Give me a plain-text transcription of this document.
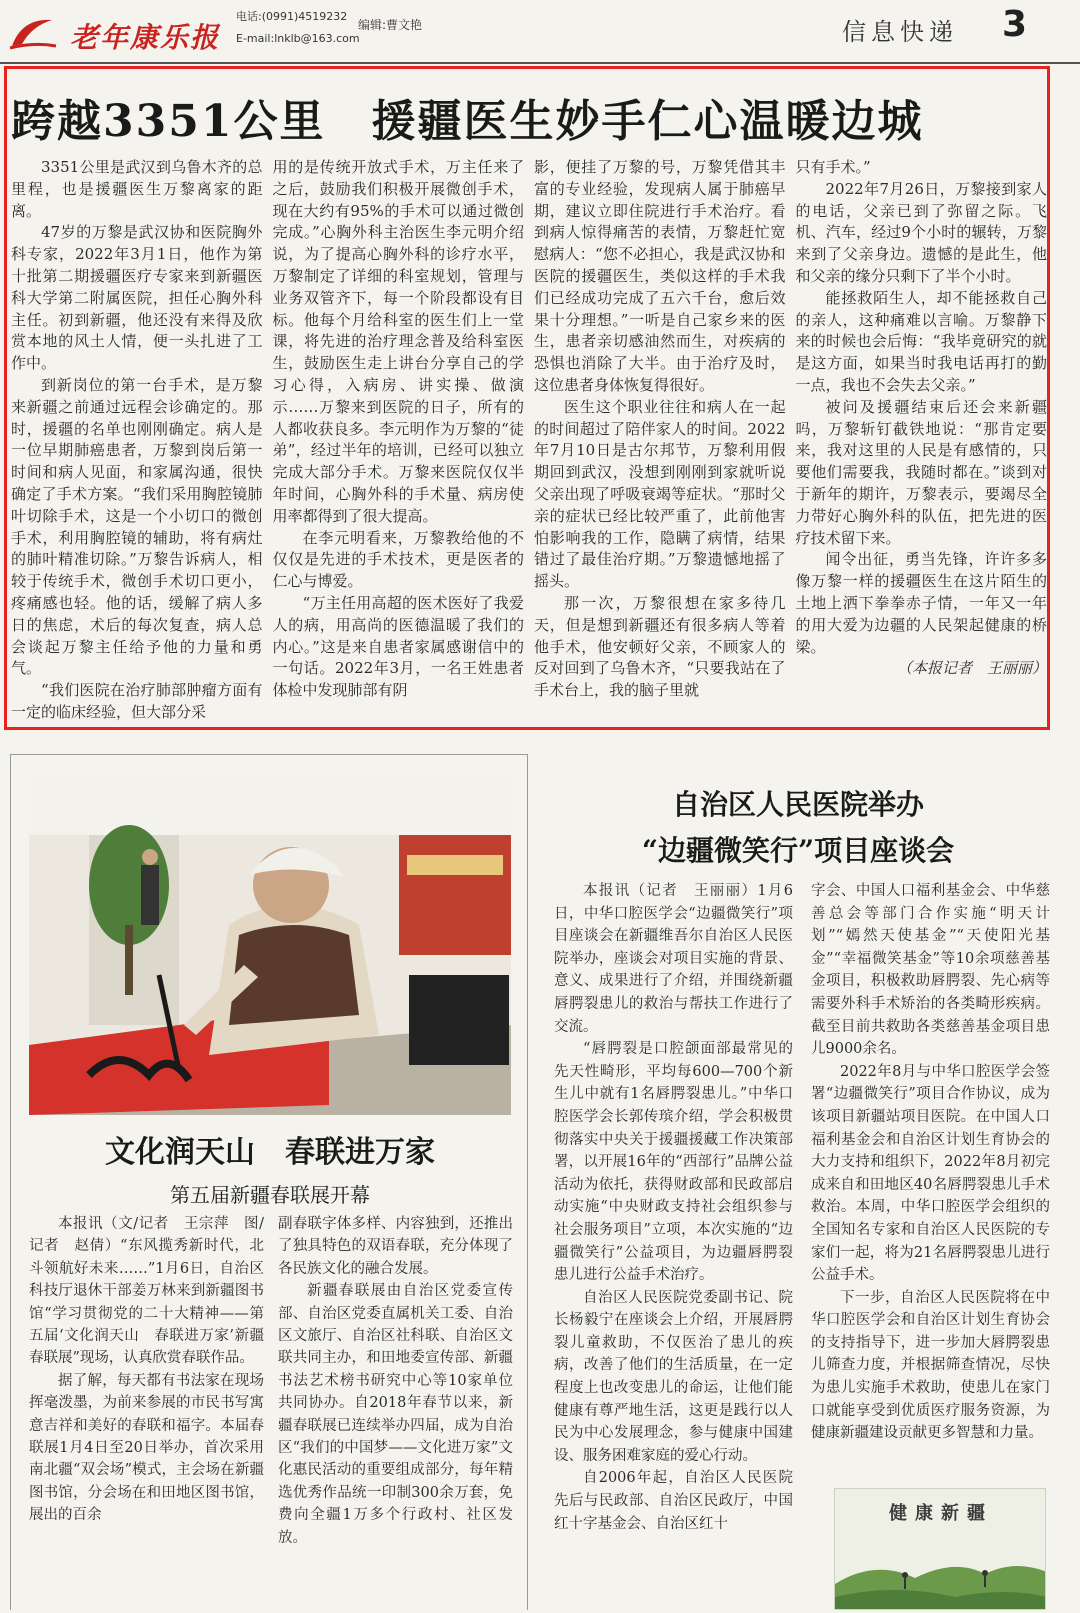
老年康乐报
电话:(0991)4519232
E-mail:lnklb@163.com
编辑:曹文艳	信息快递 3
跨越3351公里　援疆医生妙手仁心温暖边城

3351公里是武汉到乌鲁木齐的总里程，也是援疆医生万黎离家的距离。

47岁的万黎是武汉协和医院胸外科专家，2022年3月1日，他作为第十批第二期援疆医疗专家来到新疆医科大学第二附属医院，担任心胸外科主任。初到新疆，他还没有来得及欣赏本地的风土人情，便一头扎进了工作中。

到新岗位的第一台手术，是万黎来新疆之前通过远程会诊确定的。那时，援疆的名单也刚刚确定。病人是一位早期肺癌患者，万黎到岗后第一时间和病人见面，和家属沟通，很快确定了手术方案。“我们采用胸腔镜肺叶切除手术，这是一个小切口的微创手术，利用胸腔镜的辅助，将有病灶的肺叶精准切除。”万黎告诉病人，相较于传统手术，微创手术切口更小，疼痛感也轻。他的话，缓解了病人多日的焦虑，术后的每次复查，病人总会谈起万黎主任给予他的力量和勇气。

“我们医院在治疗肺部肿瘤方面有一定的临床经验，但大部分采

用的是传统开放式手术，万主任来了之后，鼓励我们积极开展微创手术，现在大约有95%的手术可以通过微创完成。”心胸外科主治医生李元明介绍说，为了提高心胸外科的诊疗水平，万黎制定了详细的科室规划，管理与业务双管齐下，每一个阶段都设有目标。他每个月给科室的医生们上一堂课，将先进的治疗理念普及给科室医生，鼓励医生走上讲台分享自己的学习心得，入病房、讲实操、做演示……万黎来到医院的日子，所有的人都收获良多。李元明作为万黎的“徒弟”，经过半年的培训，已经可以独立完成大部分手术。万黎来医院仅仅半年时间，心胸外科的手术量、病房使用率都得到了很大提高。

在李元明看来，万黎教给他的不仅仅是先进的手术技术，更是医者的仁心与博爱。

“万主任用高超的医术医好了我爱人的病，用高尚的医德温暖了我们的内心。”这是来自患者家属感谢信中的一句话。2022年3月，一名王姓患者体检中发现肺部有阴

影，便挂了万黎的号，万黎凭借其丰富的专业经验，发现病人属于肺癌早期，建议立即住院进行手术治疗。看到病人惊得痛苦的表情，万黎赶忙宽慰病人：“您不必担心，我是武汉协和医院的援疆医生，类似这样的手术我们已经成功完成了五六千台，愈后效果十分理想。”一听是自己家乡来的医生，患者亲切感油然而生，对疾病的恐惧也消除了大半。由于治疗及时，这位患者身体恢复得很好。

医生这个职业往往和病人在一起的时间超过了陪伴家人的时间。2022年7月10日是古尔邦节，万黎利用假期回到武汉，没想到刚刚到家就听说父亲出现了呼吸衰竭等症状。“那时父亲的症状已经比较严重了，此前他害怕影响我的工作，隐瞒了病情，结果错过了最佳治疗期。”万黎遗憾地摇了摇头。

那一次，万黎很想在家多待几天，但是想到新疆还有很多病人等着他手术，他安顿好父亲，不顾家人的反对回到了乌鲁木齐，“只要我站在了手术台上，我的脑子里就

只有手术。”

2022年7月26日，万黎接到家人的电话，父亲已到了弥留之际。飞机、汽车，经过9个小时的辗转，万黎来到了父亲身边。遗憾的是此生，他和父亲的缘分只剩下了半个小时。

能拯救陌生人，却不能拯救自己的亲人，这种痛难以言喻。万黎静下来的时候也会后悔：“我毕竟研究的就是这方面，如果当时我电话再打的勤一点，我也不会失去父亲。”

被问及援疆结束后还会来新疆吗，万黎斩钉截铁地说：“那肯定要来，我对这里的人民是有感情的，只要他们需要我，我随时都在。”谈到对于新年的期许，万黎表示，要竭尽全力带好心胸外科的队伍，把先进的医疗技术留下来。

闻令出征，勇当先锋，许许多多像万黎一样的援疆医生在这片陌生的土地上洒下拳拳赤子情，一年又一年的用大爱为边疆的人民架起健康的桥梁。

（本报记者　王丽丽）

文化润天山　春联进万家
第五届新疆春联展开幕

本报讯（文/记者　王宗萍　图/记者　赵倩）“东风揽秀新时代，北斗领航好未来……”1月6日，自治区科技厅退休干部姜万林来到新疆图书馆“学习贯彻党的二十大精神——第五届‘文化润天山　春联进万家’新疆春联展”现场，认真欣赏春联作品。

据了解，每天都有书法家在现场挥毫泼墨，为前来参展的市民书写寓意吉祥和美好的春联和福字。本届春联展1月4日至20日举办，首次采用南北疆“双会场”模式，主会场在新疆图书馆，分会场在和田地区图书馆，展出的百余

副春联字体多样、内容独到，还推出了独具特色的双语春联，充分体现了各民族文化的融合发展。

新疆春联展由自治区党委宣传部、自治区党委直属机关工委、自治区文旅厅、自治区社科联、自治区文联共同主办，和田地委宣传部、新疆书法艺术榜书研究中心等10家单位共同协办。自2018年春节以来，新疆春联展已连续举办四届，成为自治区“我们的中国梦——文化进万家”文化惠民活动的重要组成部分，每年精选优秀作品统一印制300余万套，免费向全疆1万多个行政村、社区发放。

自治区人民医院举办
“边疆微笑行”项目座谈会

本报讯（记者　王丽丽）1月6日，中华口腔医学会“边疆微笑行”项目座谈会在新疆维吾尔自治区人民医院举办，座谈会对项目实施的背景、意义、成果进行了介绍，并围绕新疆唇腭裂患儿的救治与帮扶工作进行了交流。

“唇腭裂是口腔颌面部最常见的先天性畸形，平均每600—700个新生儿中就有1名唇腭裂患儿。”中华口腔医学会长郭传瑸介绍，学会积极贯彻落实中央关于援疆援藏工作决策部署，以开展16年的“西部行”品牌公益活动为依托，获得财政部和民政部启动实施“中央财政支持社会组织参与社会服务项目”立项，本次实施的“边疆微笑行”公益项目，为边疆唇腭裂患儿进行公益手术治疗。

自治区人民医院党委副书记、院长杨毅宁在座谈会上介绍，开展唇腭裂儿童救助，不仅医治了患儿的疾病，改善了他们的生活质量，在一定程度上也改变患儿的命运，让他们能健康有尊严地生活，这更是践行以人民为中心发展理念，参与健康中国建设、服务困难家庭的爱心行动。

自2006年起，自治区人民医院先后与民政部、自治区民政厅，中国红十字基金会、自治区红十

字会、中国人口福利基金会、中华慈善总会等部门合作实施“明天计划”“嫣然天使基金”“天使阳光基金”“幸福微笑基金”等10余项慈善基金项目，积极救助唇腭裂、先心病等需要外科手术矫治的各类畸形疾病。截至目前共救助各类慈善基金项目患儿9000余名。

2022年8月与中华口腔医学会签署“边疆微笑行”项目合作协议，成为该项目新疆站项目医院。在中国人口福利基金会和自治区计划生育协会的大力支持和组织下，2022年8月初完成来自和田地区40名唇腭裂患儿手术救治。本周，中华口腔医学会组织的全国知名专家和自治区人民医院的专家们一起，将为21名唇腭裂患儿进行公益手术。

下一步，自治区人民医院将在中华口腔医学会和自治区计划生育协会的支持指导下，进一步加大唇腭裂患儿筛查力度，并根据筛查情况，尽快为患儿实施手术救助，使患儿在家门口就能享受到优质医疗服务资源，为健康新疆建设贡献更多智慧和力量。

健康新疆
